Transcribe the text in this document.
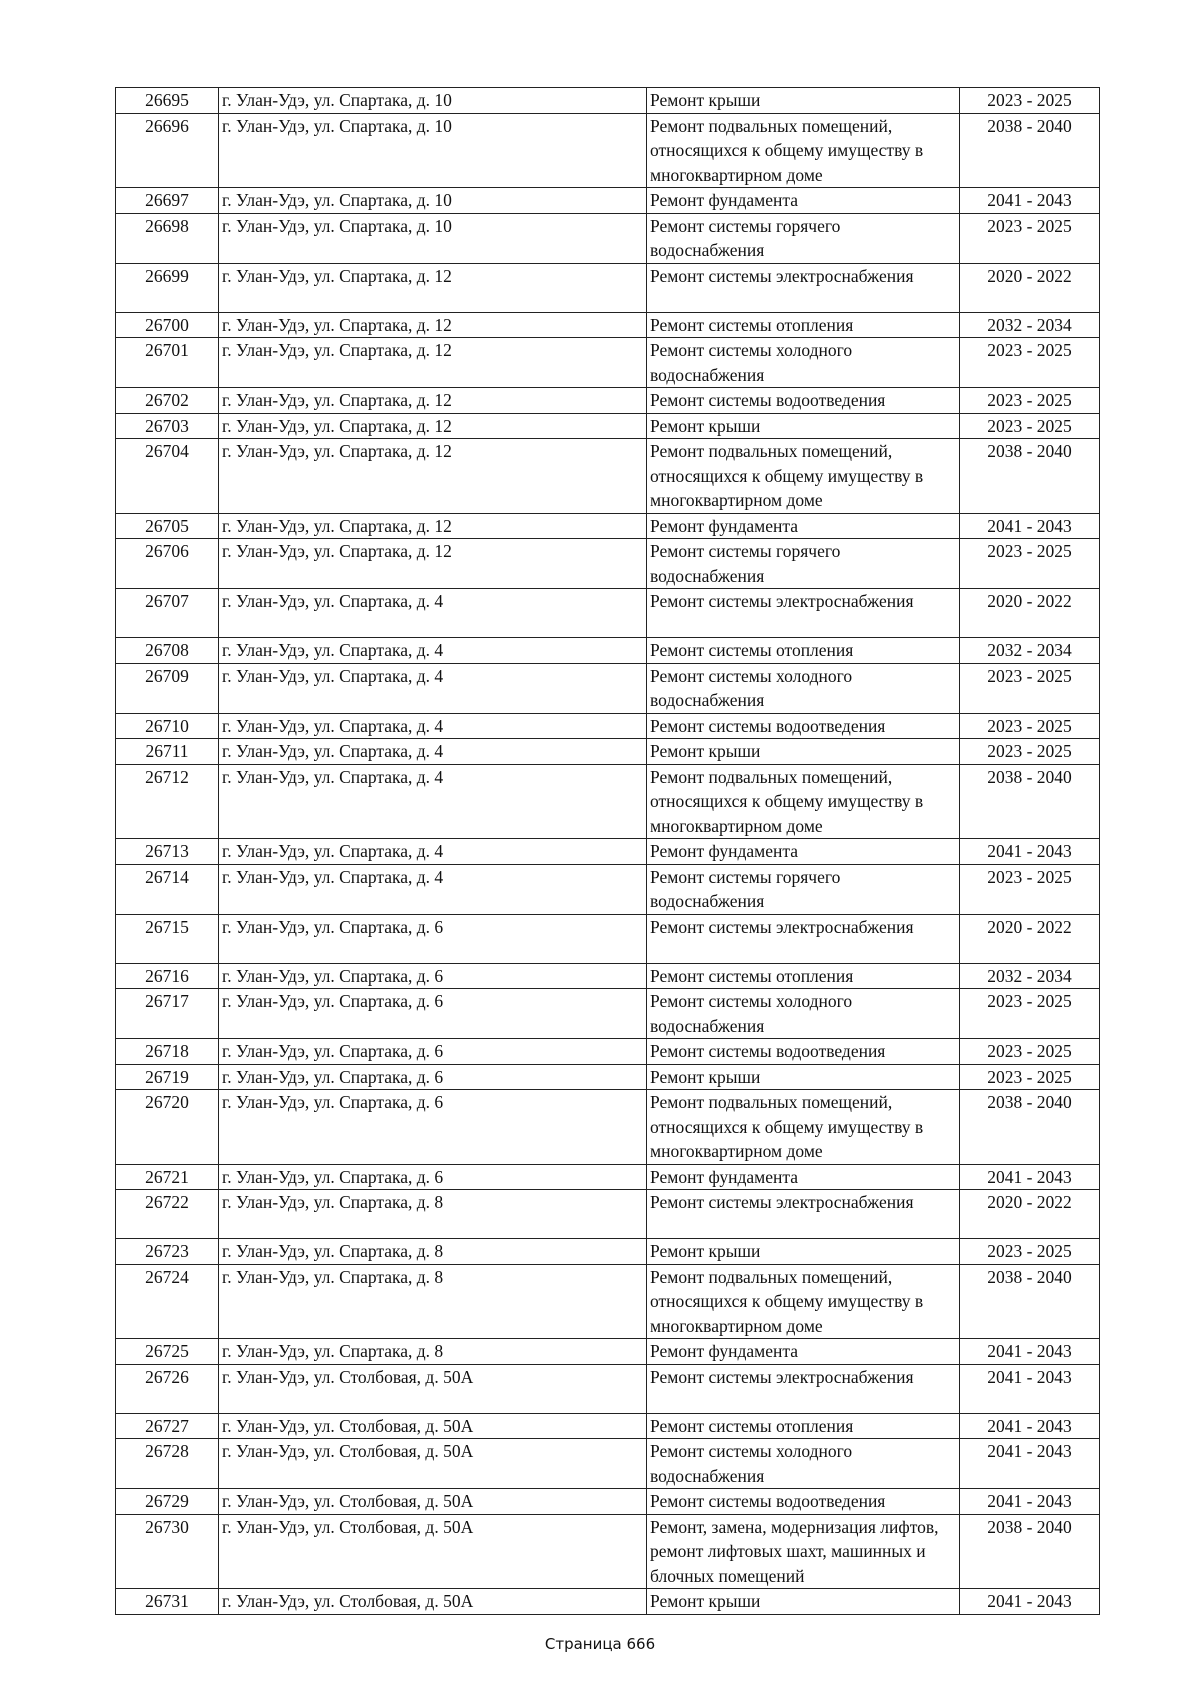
26695	г. Улан-Удэ, ул. Спартака, д. 10	Ремонт крыши	2023 - 2025
26696	г. Улан-Удэ, ул. Спартака, д. 10	Ремонт подвальных помещений, относящихся к общему имуществу в многоквартирном доме	2038 - 2040
26697	г. Улан-Удэ, ул. Спартака, д. 10	Ремонт фундамента	2041 - 2043
26698	г. Улан-Удэ, ул. Спартака, д. 10	Ремонт системы горячего водоснабжения	2023 - 2025
26699	г. Улан-Удэ, ул. Спартака, д. 12	Ремонт системы электроснабжения	2020 - 2022
26700	г. Улан-Удэ, ул. Спартака, д. 12	Ремонт системы отопления	2032 - 2034
26701	г. Улан-Удэ, ул. Спартака, д. 12	Ремонт системы холодного водоснабжения	2023 - 2025
26702	г. Улан-Удэ, ул. Спартака, д. 12	Ремонт системы водоотведения	2023 - 2025
26703	г. Улан-Удэ, ул. Спартака, д. 12	Ремонт крыши	2023 - 2025
26704	г. Улан-Удэ, ул. Спартака, д. 12	Ремонт подвальных помещений, относящихся к общему имуществу в многоквартирном доме	2038 - 2040
26705	г. Улан-Удэ, ул. Спартака, д. 12	Ремонт фундамента	2041 - 2043
26706	г. Улан-Удэ, ул. Спартака, д. 12	Ремонт системы горячего водоснабжения	2023 - 2025
26707	г. Улан-Удэ, ул. Спартака, д. 4	Ремонт системы электроснабжения	2020 - 2022
26708	г. Улан-Удэ, ул. Спартака, д. 4	Ремонт системы отопления	2032 - 2034
26709	г. Улан-Удэ, ул. Спартака, д. 4	Ремонт системы холодного водоснабжения	2023 - 2025
26710	г. Улан-Удэ, ул. Спартака, д. 4	Ремонт системы водоотведения	2023 - 2025
26711	г. Улан-Удэ, ул. Спартака, д. 4	Ремонт крыши	2023 - 2025
26712	г. Улан-Удэ, ул. Спартака, д. 4	Ремонт подвальных помещений, относящихся к общему имуществу в многоквартирном доме	2038 - 2040
26713	г. Улан-Удэ, ул. Спартака, д. 4	Ремонт фундамента	2041 - 2043
26714	г. Улан-Удэ, ул. Спартака, д. 4	Ремонт системы горячего водоснабжения	2023 - 2025
26715	г. Улан-Удэ, ул. Спартака, д. 6	Ремонт системы электроснабжения	2020 - 2022
26716	г. Улан-Удэ, ул. Спартака, д. 6	Ремонт системы отопления	2032 - 2034
26717	г. Улан-Удэ, ул. Спартака, д. 6	Ремонт системы холодного водоснабжения	2023 - 2025
26718	г. Улан-Удэ, ул. Спартака, д. 6	Ремонт системы водоотведения	2023 - 2025
26719	г. Улан-Удэ, ул. Спартака, д. 6	Ремонт крыши	2023 - 2025
26720	г. Улан-Удэ, ул. Спартака, д. 6	Ремонт подвальных помещений, относящихся к общему имуществу в многоквартирном доме	2038 - 2040
26721	г. Улан-Удэ, ул. Спартака, д. 6	Ремонт фундамента	2041 - 2043
26722	г. Улан-Удэ, ул. Спартака, д. 8	Ремонт системы электроснабжения	2020 - 2022
26723	г. Улан-Удэ, ул. Спартака, д. 8	Ремонт крыши	2023 - 2025
26724	г. Улан-Удэ, ул. Спартака, д. 8	Ремонт подвальных помещений, относящихся к общему имуществу в многоквартирном доме	2038 - 2040
26725	г. Улан-Удэ, ул. Спартака, д. 8	Ремонт фундамента	2041 - 2043
26726	г. Улан-Удэ, ул. Столбовая, д. 50А	Ремонт системы электроснабжения	2041 - 2043
26727	г. Улан-Удэ, ул. Столбовая, д. 50А	Ремонт системы отопления	2041 - 2043
26728	г. Улан-Удэ, ул. Столбовая, д. 50А	Ремонт системы холодного водоснабжения	2041 - 2043
26729	г. Улан-Удэ, ул. Столбовая, д. 50А	Ремонт системы водоотведения	2041 - 2043
26730	г. Улан-Удэ, ул. Столбовая, д. 50А	Ремонт, замена, модернизация лифтов, ремонт лифтовых шахт, машинных и блочных помещений	2038 - 2040
26731	г. Улан-Удэ, ул. Столбовая, д. 50А	Ремонт крыши	2041 - 2043
Страница 666
